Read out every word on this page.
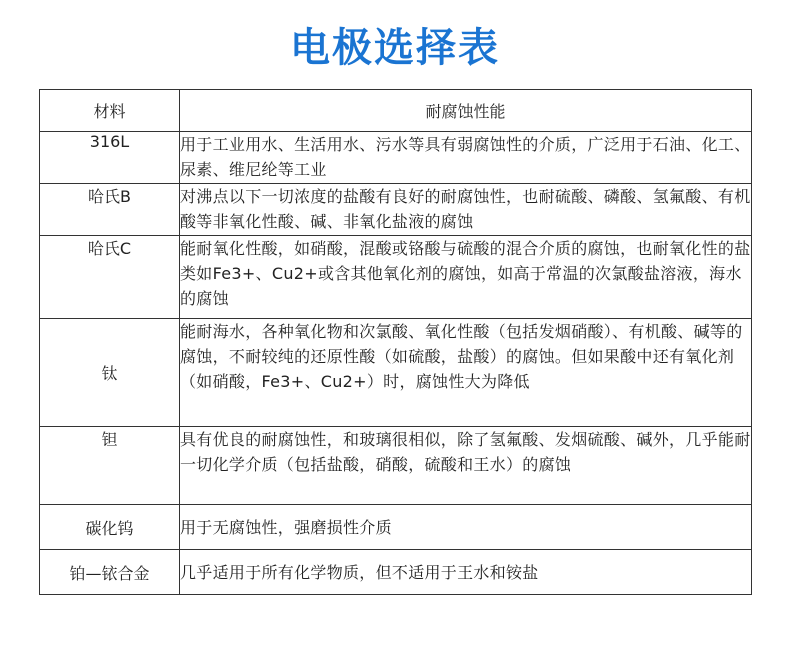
电极选择表
材料	耐腐蚀性能
316L	用于工业用水、生活用水、污水等具有弱腐蚀性的介质，广泛用于石油、化工、尿素、维尼纶等工业
哈氏B	对沸点以下一切浓度的盐酸有良好的耐腐蚀性，也耐硫酸、磷酸、氢氟酸、有机酸等非氧化性酸、碱、非氧化盐液的腐蚀
哈氏C	能耐氧化性酸，如硝酸，混酸或铬酸与硫酸的混合介质的腐蚀，也耐氧化性的盐类如Fe3+、Cu2+或含其他氧化剂的腐蚀，如高于常温的次氯酸盐溶液，海水的腐蚀
钛	能耐海水，各种氧化物和次氯酸、氧化性酸（包括发烟硝酸）、有机酸、碱等的腐蚀，不耐较纯的还原性酸（如硫酸，盐酸）的腐蚀。但如果酸中还有氧化剂（如硝酸，Fe3+、Cu2+）时，腐蚀性大为降低
钽	具有优良的耐腐蚀性，和玻璃很相似，除了氢氟酸、发烟硫酸、碱外，几乎能耐一切化学介质（包括盐酸，硝酸，硫酸和王水）的腐蚀
碳化钨	用于无腐蚀性，强磨损性介质
铂—铱合金	几乎适用于所有化学物质，但不适用于王水和铵盐
